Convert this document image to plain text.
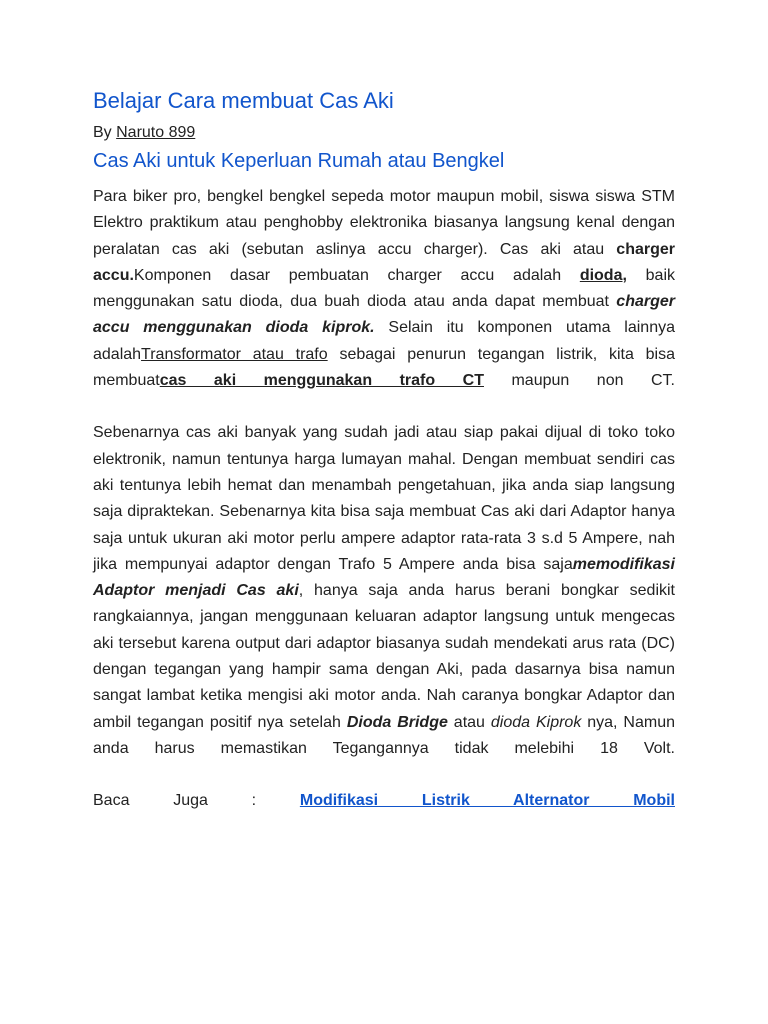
Belajar Cara membuat Cas Aki
By Naruto 899
Cas Aki untuk Keperluan Rumah atau Bengkel

Para biker pro, bengkel bengkel sepeda motor maupun mobil, siswa siswa STM Elektro praktikum atau penghobby elektronika biasanya langsung kenal dengan peralatan cas aki (sebutan aslinya accu charger). Cas aki atau charger accu.Komponen dasar pembuatan charger accu adalah dioda, baik menggunakan satu dioda, dua buah dioda atau anda dapat membuat charger accu menggunakan dioda kiprok. Selain itu komponen utama lainnya adalahTransformator atau trafo sebagai penurun tegangan listrik, kita bisa membuatcas aki menggunakan trafo CT maupun non CT.

Sebenarnya cas aki banyak yang sudah jadi atau siap pakai dijual di toko toko elektronik, namun tentunya harga lumayan mahal. Dengan membuat sendiri cas aki tentunya lebih hemat dan menambah pengetahuan, jika anda siap langsung saja dipraktekan. Sebenarnya kita bisa saja membuat Cas aki dari Adaptor hanya saja untuk ukuran aki motor perlu ampere adaptor rata-rata 3 s.d 5 Ampere, nah jika mempunyai adaptor dengan Trafo 5 Ampere anda bisa sajamemodifikasi Adaptor menjadi Cas aki, hanya saja anda harus berani bongkar sedikit rangkaiannya, jangan menggunaan keluaran adaptor langsung untuk mengecas aki tersebut karena output dari adaptor biasanya sudah mendekati arus rata (DC) dengan tegangan yang hampir sama dengan Aki, pada dasarnya bisa namun sangat lambat ketika mengisi aki motor anda. Nah caranya bongkar Adaptor dan ambil tegangan positif nya setelah Dioda Bridge atau dioda Kiprok nya, Namun anda harus memastikan Tegangannya tidak melebihi 18 Volt.

Baca Juga : Modifikasi Listrik Alternator Mobil
